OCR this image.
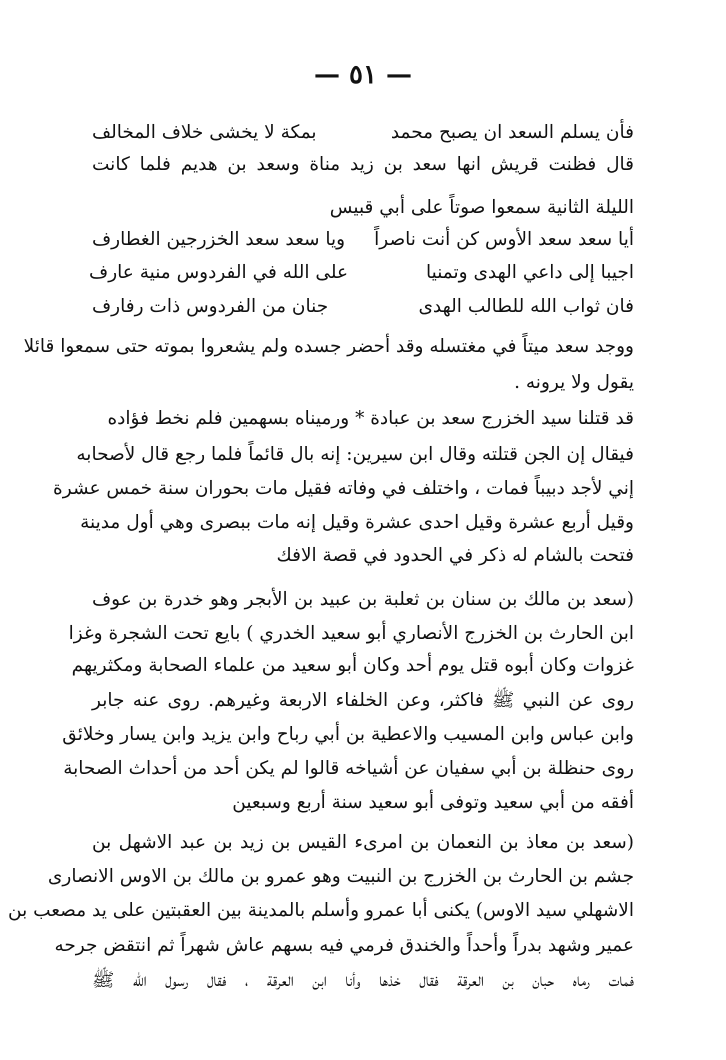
— ٥١ —
فأن يسلم السعد ان يصبح محمد
بمكة لا يخشى خلاف المخالف
قال فظنت قريش انها سعد بن زيد مناة وسعد بن هديم فلما كانت
الليلة الثانية سمعوا صوتاً على أبي قبيس
أيا سعد سعد الأوس كن أنت ناصراً
ويا سعد سعد الخزرجين الغطارف
اجيبا إلى داعي الهدى وتمنيا
على الله في الفردوس منية عارف
فان ثواب الله للطالب الهدى
جنان من الفردوس ذات رفارف
ووجد سعد ميتاً في مغتسله وقد أحضر جسده ولم يشعروا بموته حتى سمعوا قائلا
يقول ولا يرونه .
قد قتلنا سيد الخزرج سعد بن عبادة * ورميناه بسهمين فلم نخط فؤاده
فيقال إن الجن قتلته وقال ابن سيرين: إنه بال قائماً فلما رجع قال لأصحابه
إني لأجد دبيباً فمات ، واختلف في وفاته فقيل مات بحوران سنة خمس عشرة
وقيل أربع عشرة وقيل احدى عشرة وقيل إنه مات ببصرى وهي أول مدينة
فتحت بالشام له ذكر في الحدود في قصة الافك
(سعد بن مالك بن سنان بن ثعلبة بن عبيد بن الأبجر وهو خدرة بن عوف
ابن الحارث بن الخزرج الأنصاري أبو سعيد الخدري ) بايع تحت الشجرة وغزا
غزوات وكان أبوه قتل يوم أحد وكان أبو سعيد من علماء الصحابة ومكثريهم
روى عن النبي ﷺ فاكثر، وعن الخلفاء الاربعة وغيرهم. روى عنه جابر
وابن عباس وابن المسيب والاعطية بن أبي رباح وابن يزيد وابن يسار وخلائق
روى حنظلة بن أبي سفيان عن أشياخه قالوا لم يكن أحد من أحداث الصحابة
أفقه من أبي سعيد وتوفى أبو سعيد سنة أربع وسبعين
(سعد بن معاذ بن النعمان بن امرىء القيس بن زيد بن عبد الاشهل بن
جشم بن الحارث بن الخزرج بن النبيت وهو عمرو بن مالك بن الاوس الانصارى
الاشهلي سيد الاوس) يكنى أبا عمرو وأسلم بالمدينة بين العقبتين على يد مصعب بن
عمير وشهد بدراً وأحداً والخندق فرمي فيه بسهم عاش شهراً ثم انتقض جرحه
فمات رماه حبان بن العرقة فقال خذها وأنا ابن العرقة ، فقال رسول الله ﷺ
